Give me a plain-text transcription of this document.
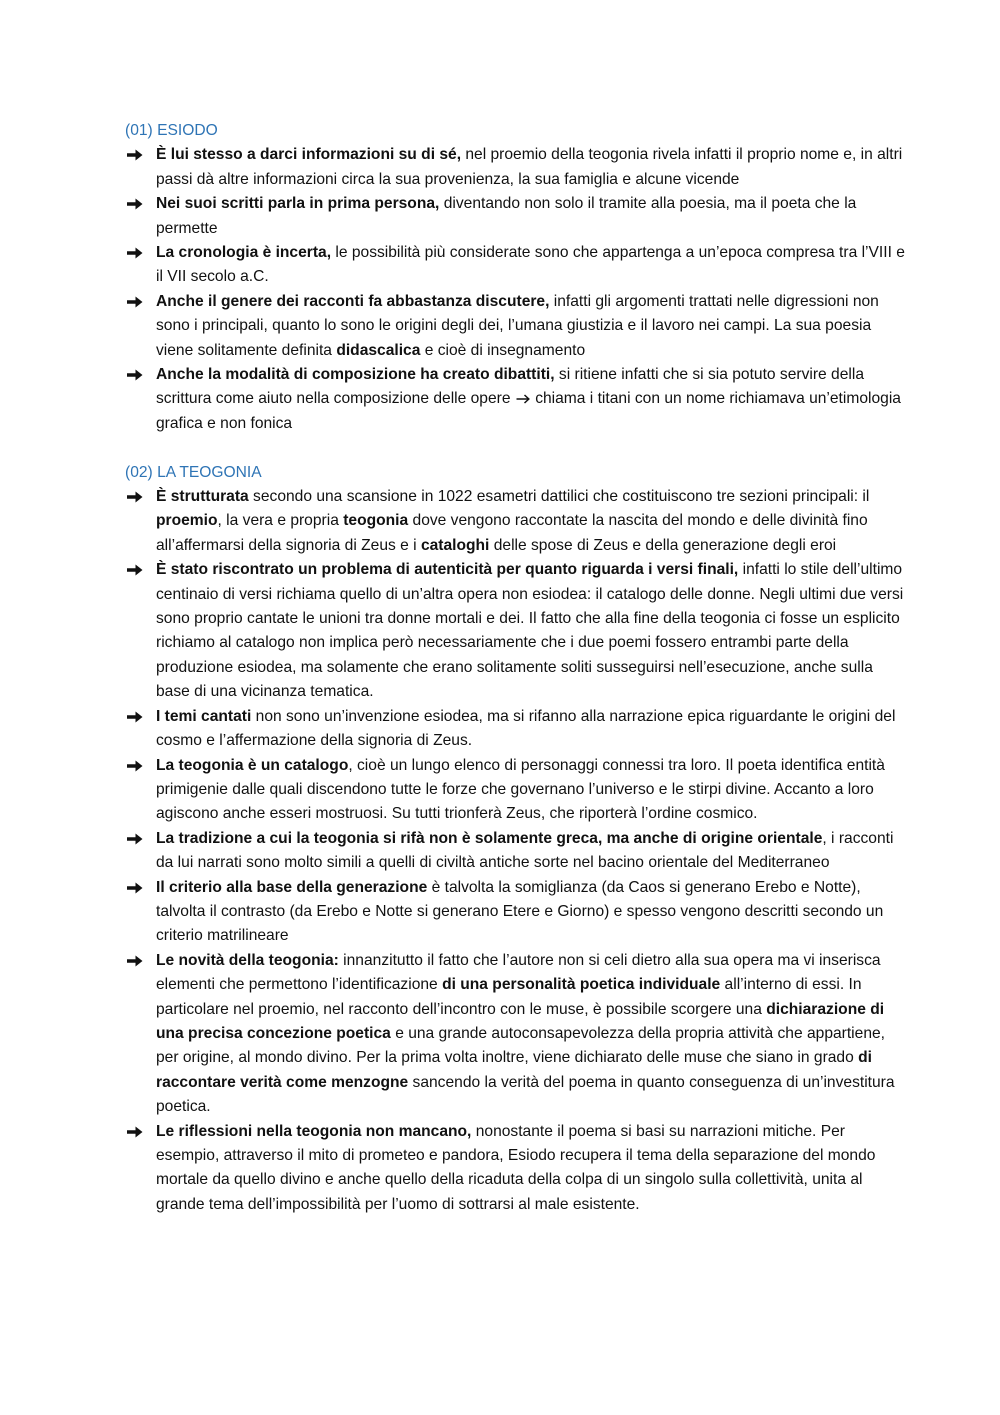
(01) ESIODO
È lui stesso a darci informazioni su di sé, nel proemio della teogonia rivela infatti il proprio nome e, in altri passi dà altre informazioni circa la sua provenienza, la sua famiglia e alcune vicende
Nei suoi scritti parla in prima persona, diventando non solo il tramite alla poesia, ma il poeta che la permette
La cronologia è incerta, le possibilità più considerate sono che appartenga a un’epoca compresa tra l’VIII e il VII secolo a.C.
Anche il genere dei racconti fa abbastanza discutere, infatti gli argomenti trattati nelle digressioni non sono i principali, quanto lo sono le origini degli dei, l’umana giustizia e il lavoro nei campi. La sua poesia viene solitamente definita didascalica e cioè di insegnamento
Anche la modalità di composizione ha creato dibattiti, si ritiene infatti che si sia potuto servire della scrittura come aiuto nella composizione delle opere  chiama i titani con un nome richiamava un’etimologia grafica e non fonica
(02) LA TEOGONIA
È strutturata secondo una scansione in 1022 esametri dattilici che costituiscono tre sezioni principali: il proemio, la vera e propria teogonia dove vengono raccontate la nascita del mondo e delle divinità fino all’affermarsi della signoria di Zeus e i cataloghi delle spose di Zeus e della generazione degli eroi
È stato riscontrato un problema di autenticità per quanto riguarda i versi finali, infatti lo stile dell’ultimo centinaio di versi richiama quello di un’altra opera non esiodea: il catalogo delle donne. Negli ultimi due versi sono proprio cantate le unioni tra donne mortali e dei. Il fatto che alla fine della teogonia ci fosse un esplicito richiamo al catalogo non implica però necessariamente che i due poemi fossero entrambi parte della produzione esiodea, ma solamente che erano solitamente soliti susseguirsi nell’esecuzione, anche sulla base di una vicinanza tematica.
I temi cantati non sono un’invenzione esiodea, ma si rifanno alla narrazione epica riguardante le origini del cosmo e l’affermazione della signoria di Zeus.
La teogonia è un catalogo, cioè un lungo elenco di personaggi connessi tra loro. Il poeta identifica entità primigenie dalle quali discendono tutte le forze che governano l’universo e le stirpi divine. Accanto a loro agiscono anche esseri mostruosi. Su tutti trionferà Zeus, che riporterà l’ordine cosmico.
La tradizione a cui la teogonia si rifà non è solamente greca, ma anche di origine orientale, i racconti da lui narrati sono molto simili a quelli di civiltà antiche sorte nel bacino orientale del Mediterraneo
Il criterio alla base della generazione è talvolta la somiglianza (da Caos si generano Erebo e Notte), talvolta il contrasto (da Erebo e Notte si generano Etere e Giorno) e spesso vengono descritti secondo un criterio matrilineare
Le novità della teogonia: innanzitutto il fatto che l’autore non si celi dietro alla sua opera ma vi inserisca elementi che permettono l’identificazione di una personalità poetica individuale all’interno di essi. In particolare nel proemio, nel racconto dell’incontro con le muse, è possibile scorgere una dichiarazione di una precisa concezione poetica e una grande autoconsapevolezza della propria attività che appartiene, per origine, al mondo divino. Per la prima volta inoltre, viene dichiarato delle muse che siano in grado di raccontare verità come menzogne sancendo la verità del poema in quanto conseguenza di un’investitura poetica.
Le riflessioni nella teogonia non mancano, nonostante il poema si basi su narrazioni mitiche. Per esempio, attraverso il mito di prometeo e pandora, Esiodo recupera il tema della separazione del mondo mortale da quello divino e anche quello della ricaduta della colpa di un singolo sulla collettività, unita al grande tema dell’impossibilità per l’uomo di sottrarsi al male esistente.
